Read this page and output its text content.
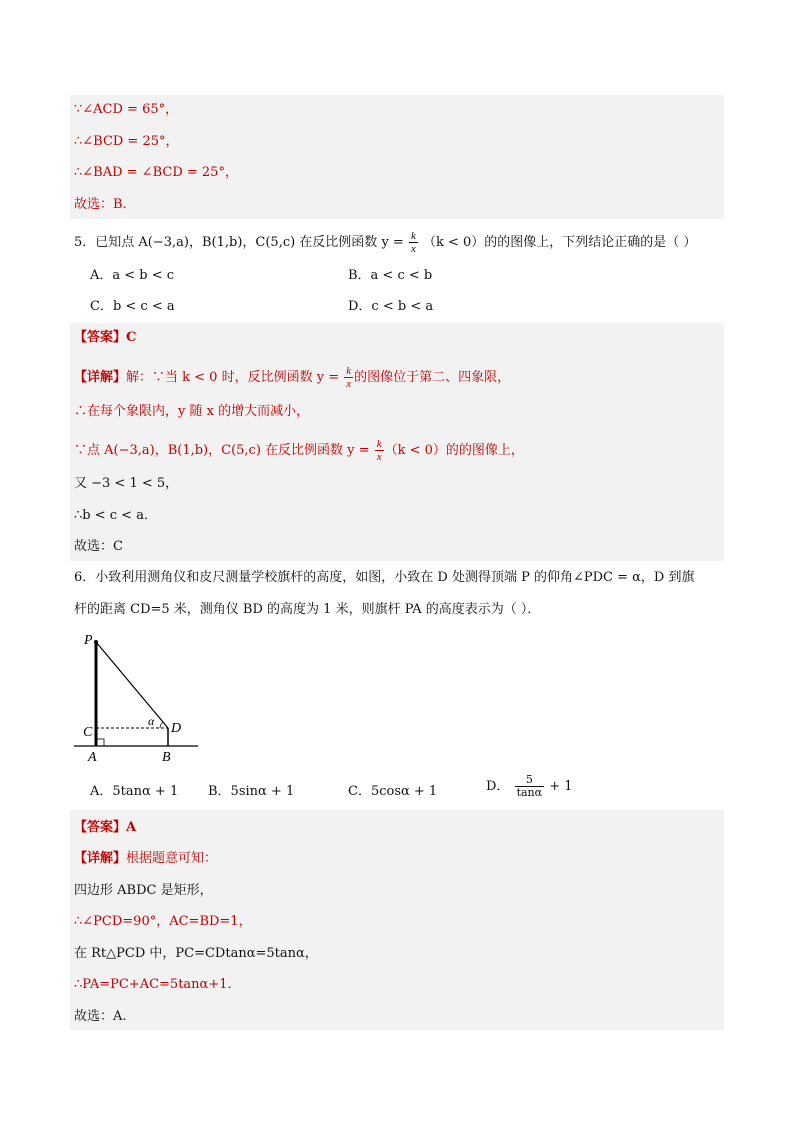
∵∠ACD = 65°，
∴∠BCD = 25°，
∴∠BAD = ∠BCD = 25°，
故选：B．
5．已知点 A(−3,a)，B(1,b)，C(5,c) 在反比例函数 $y = \frac{k}{x} (k < 0)$的的图像上，下列结论正确的是（ ）
A．a < b < c	B．a < c < b
C．b < c < a	D．c < b < a
【答案】C
【详解】解：∵当 k < 0 时，反比例函数 $y = \frac{k}{x}$ 的图像位于第二、四象限，
∴在每个象限内，y 随 x 的增大而减小，
∵点 A(−3,a)，B(1,b)，C(5,c) 在反比例函数 $y = \frac{k}{x} (k < 0)$的的图像上，
又 −3 < 1 < 5，
∴b < c < a．
故选：C
6．小致利用测角仪和皮尺测量学校旗杆的高度，如图，小致在 D 处测得顶端 P 的仰角∠PDC = α，D 到旗
杆的距离 CD=5 米，测角仪 BD 的高度为 1 米，则旗杆 PA 的高度表示为（ ）．
P
C	D
A	B
α
A．5tanα + 1 B．5sinα + 1	C．5cosα + 1	D． $\frac{5}{\tan\alpha} + 1$
【答案】A
【详解】根据题意可知：
四边形 ABDC 是矩形，
∴∠PCD=90°，AC=BD=1，
在 Rt△PCD 中，PC=CDtanα=5tanα，
∴PA=PC+AC=5tanα+1．
故选：A.
